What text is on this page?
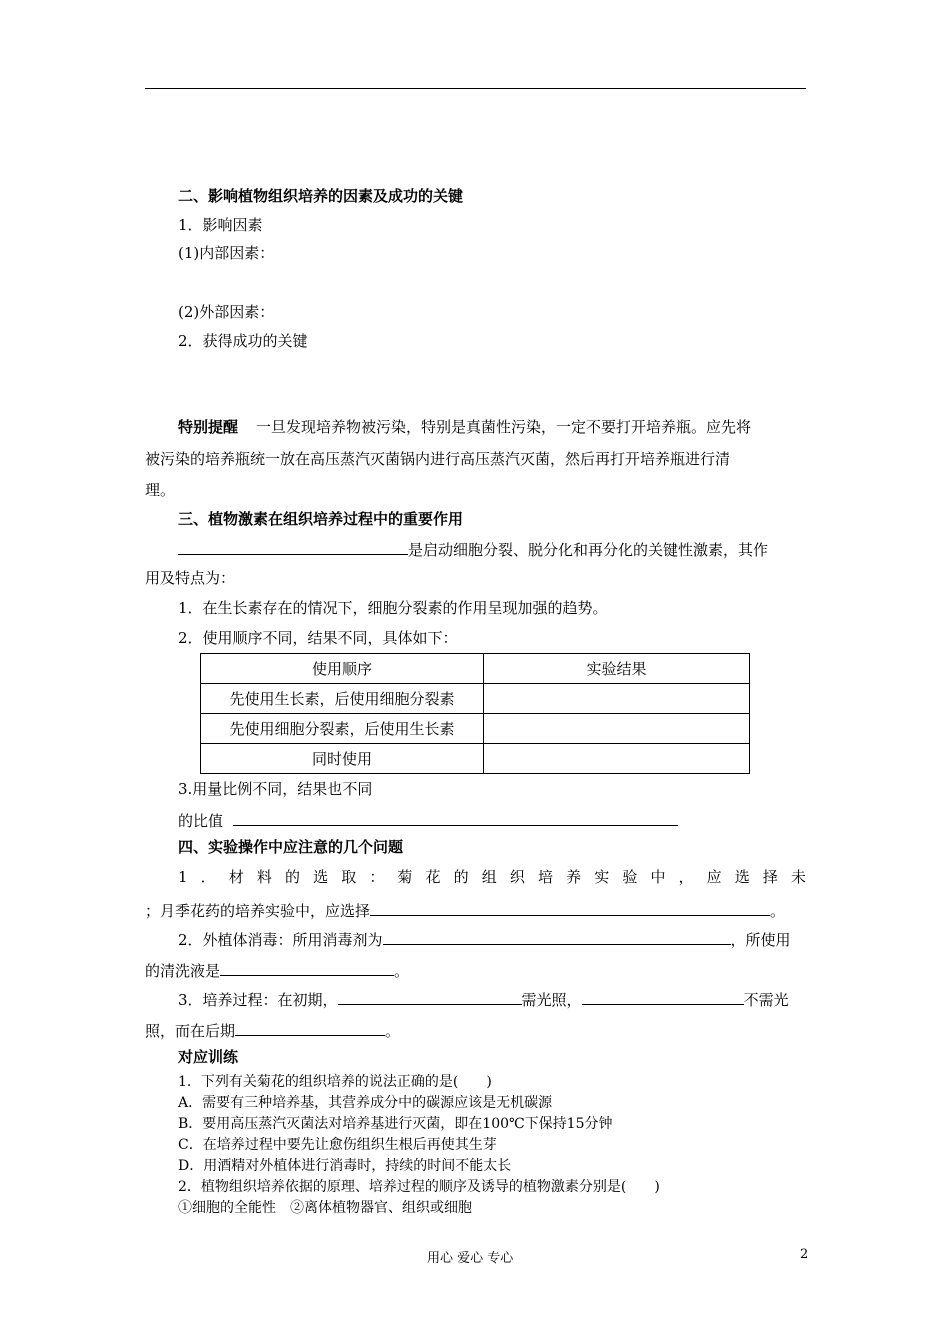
二、影响植物组织培养的因素及成功的关键
1．影响因素
(1)内部因素：
(2)外部因素：
2．获得成功的关键
特别提醒 一旦发现培养物被污染，特别是真菌性污染，一定不要打开培养瓶。应先将
被污染的培养瓶统一放在高压蒸汽灭菌锅内进行高压蒸汽灭菌，然后再打开培养瓶进行清
理。
三、植物激素在组织培养过程中的重要作用
是启动细胞分裂、脱分化和再分化的关键性激素，其作
用及特点为：
1．在生长素存在的情况下，细胞分裂素的作用呈现加强的趋势。
2．使用顺序不同，结果不同，具体如下：
使用顺序	实验结果
先使用生长素，后使用细胞分裂素	
先使用细胞分裂素，后使用生长素	
同时使用	
3.用量比例不同，结果也不同
的比值
四、实验操作中应注意的几个问题
1．材料的选取：菊花的组织培养实验中，应选择未
；月季花药的培养实验中，应选择	。
2．外植体消毒：所用消毒剂为	，所使用
的清洗液是	。
3．培养过程：在初期，	需光照，	不需光
照，而在后期	。
对应训练
1．下列有关菊花的组织培养的说法正确的是(　　)
A．需要有三种培养基，其营养成分中的碳源应该是无机碳源
B．要用高压蒸汽灭菌法对培养基进行灭菌，即在100℃下保持15分钟
C．在培养过程中要先让愈伤组织生根后再使其生芽
D．用酒精对外植体进行消毒时，持续的时间不能太长
2．植物组织培养依据的原理、培养过程的顺序及诱导的植物激素分别是(　　)
①细胞的全能性　②离体植物器官、组织或细胞
用心 爱心 专心	2
